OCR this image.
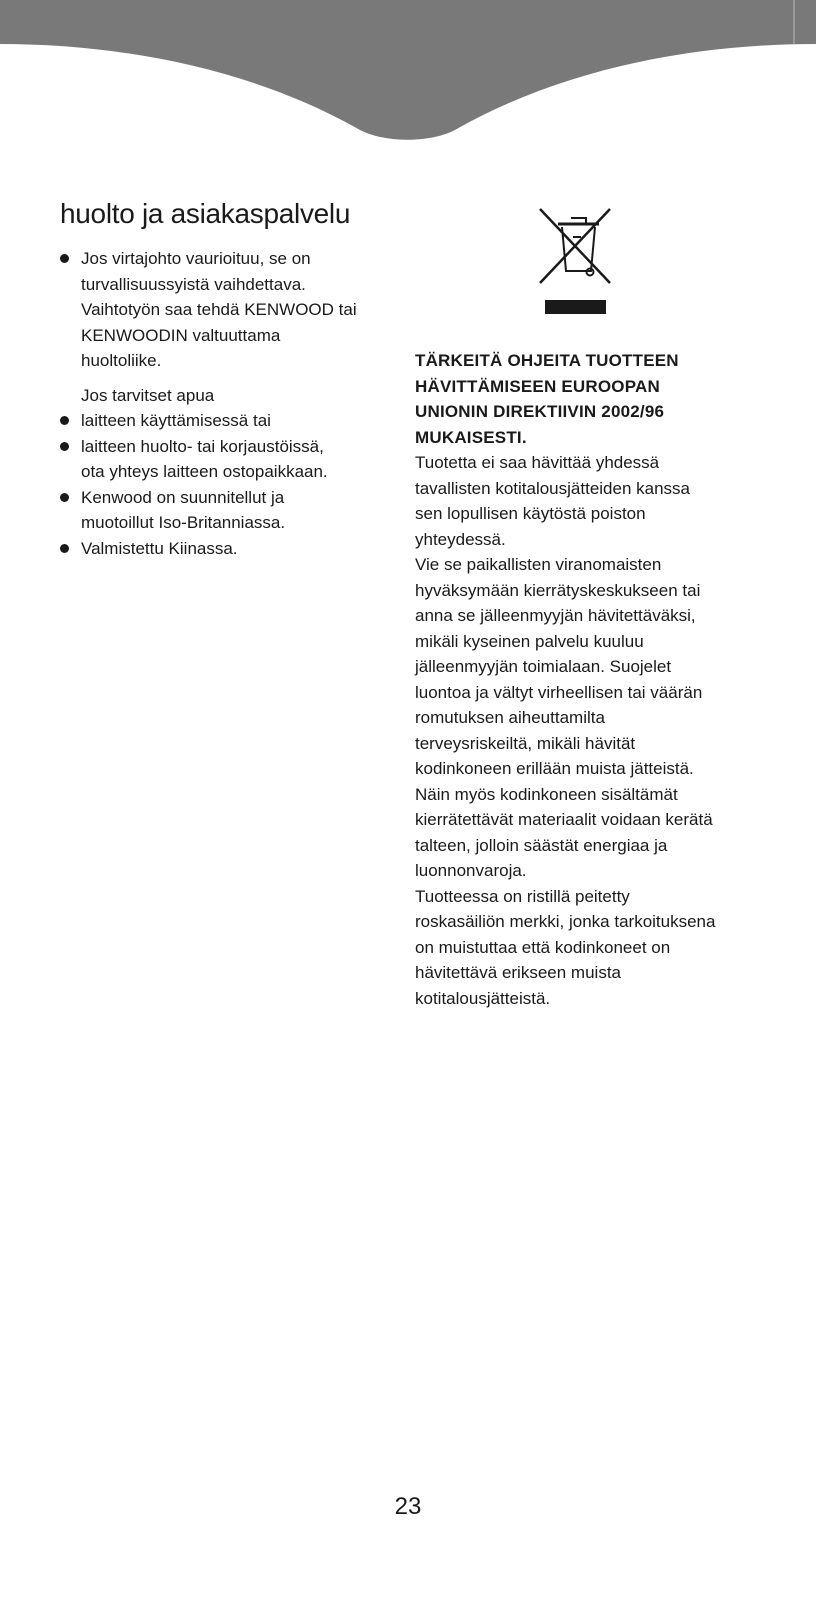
huolto ja asiakaspalvelu
Jos virtajohto vaurioituu, se on
turvallisuussyistä vaihdettava.
Vaihtotyön saa tehdä KENWOOD tai
KENWOODIN valtuuttama
huoltoliike.
Jos tarvitset apua
laitteen käyttämisessä tai
laitteen huolto- tai korjaustöissä,
ota yhteys laitteen ostopaikkaan.
Kenwood on suunnitellut ja
muotoillut Iso-Britanniassa.
Valmistettu Kiinassa.
TÄRKEITÄ OHJEITA TUOTTEEN
HÄVITTÄMISEEN EUROOPAN
UNIONIN DIREKTIIVIN 2002/96
MUKAISESTI.

Tuotetta ei saa hävittää yhdessä
tavallisten kotitalousjätteiden kanssa
sen lopullisen käytöstä poiston
yhteydessä.

Vie se paikallisten viranomaisten
hyväksymään kierrätyskeskukseen tai
anna se jälleenmyyjän hävitettäväksi,
mikäli kyseinen palvelu kuuluu
jälleenmyyjän toimialaan. Suojelet
luontoa ja vältyt virheellisen tai väärän
romutuksen aiheuttamilta
terveysriskeiltä, mikäli hävität
kodinkoneen erillään muista jätteistä.
Näin myös kodinkoneen sisältämät
kierrätettävät materiaalit voidaan kerätä
talteen, jolloin säästät energiaa ja
luonnonvaroja.

Tuotteessa on ristillä peitetty
roskasäiliön merkki, jonka tarkoituksena
on muistuttaa että kodinkoneet on
hävitettävä erikseen muista
kotitalousjätteistä.

23
